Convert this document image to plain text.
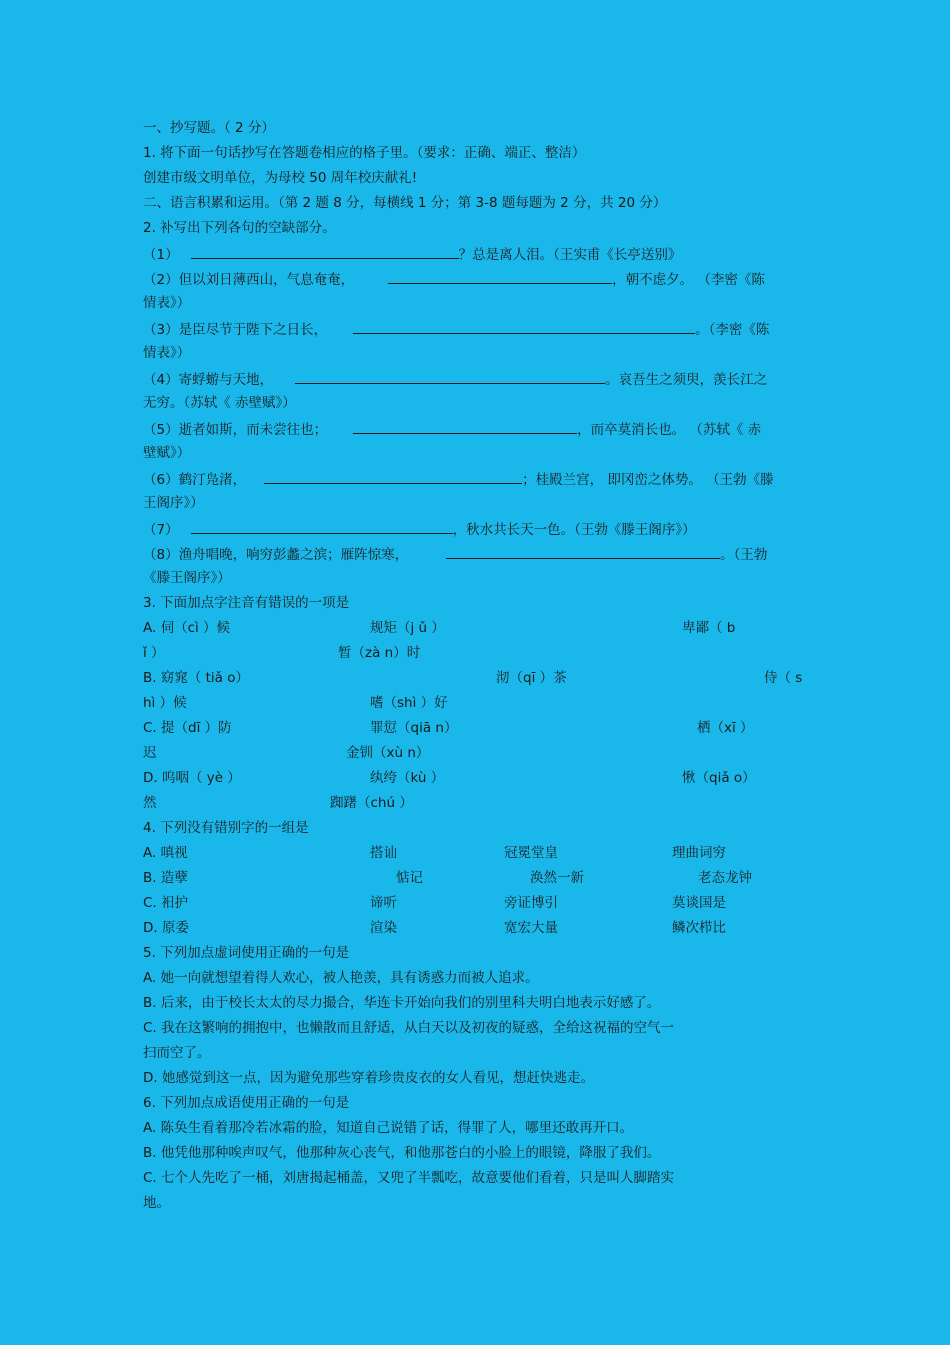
一、抄写题。（ 2 分）
1. 将下面一句话抄写在答题卷相应的格子里。（要求：正确、端正、整洁）
创建市级文明单位，为母校 50 周年校庆献礼!
二、语言积累和运用。（第 2 题 8 分，每横线 1 分；第 3-8 题每题为 2 分，共 20 分）
2. 补写出下列各句的空缺部分。
（1）	？总是离人泪。（王实甫《长亭送别》
（2）但以刘日薄西山，气息奄奄，	，朝不虑夕。 （李密《陈
情表》）
（3）是臣尽节于陛下之日长，	。（李密《陈
情表》）
（4）寄蜉蝣与天地，	。哀吾生之须臾，羡长江之
无穷。（苏轼《 赤壁赋》）
（5）逝者如斯，而未尝往也；	，而卒莫消长也。 （苏轼《 赤
壁赋》）
（6）鹤汀凫渚，	；桂殿兰宫， 即冈峦之体势。 （王勃《滕
王阁序》）
（7）	，秋水共长天一色。（王勃《滕王阁序》）
（8）渔舟唱晚，响穷彭蠡之滨；雁阵惊寒，	。（王勃
《滕王阁序》）
3. 下面加点字注音有错误的一项是
A. 伺（cì ）候	规矩（j ǔ ）	卑鄙（ b
ǐ ）	暂（zà n）时
B. 窈窕（ tiǎ o）	沏（qī ）茶	侍（ s
hì ）候	嗜（shì ）好
C. 提（dī ）防	罪愆（qiā n）	栖（xī ）
迟	金钏（xù n）
D. 呜咽（ yè ）	纨绔（kù ）	愀（qiǎ o）
然	踟躇（chú ）
4. 下列没有错别字的一组是
A. 嗔视	搭讪	冠冕堂皇	理曲词穷
B. 造孽	惦记	涣然一新	老态龙钟
C. 衵护	谛听	旁证博引	莫谈国是
D. 原委	渲染	宽宏大量	鳞次栉比
5. 下列加点虚词使用正确的一句是
A. 她一向就想望着得人欢心，被人艳羡，具有诱惑力而被人追求。
B. 后来，由于校长太太的尽力撮合，华连卡开始向我们的别里科夫明白地表示好感了。
C. 我在这繁响的拥抱中，也懒散而且舒适，从白天以及初夜的疑惑，全给这祝福的空气一
扫而空了。
D. 她感觉到这一点，因为避免那些穿着珍贵皮衣的女人看见，想赶快逃走。
6. 下列加点成语使用正确的一句是
A. 陈奂生看着那冷若冰霜的脸，知道自己说错了话，得罪了人，哪里还敢再开口。
B. 他凭他那种唉声叹气，他那种灰心丧气，和他那苍白的小脸上的眼镜，降服了我们。
C. 七个人先吃了一桶，刘唐揭起桶盖，又兜了半瓢吃，故意要他们看着，只是叫人脚踏实
地。
